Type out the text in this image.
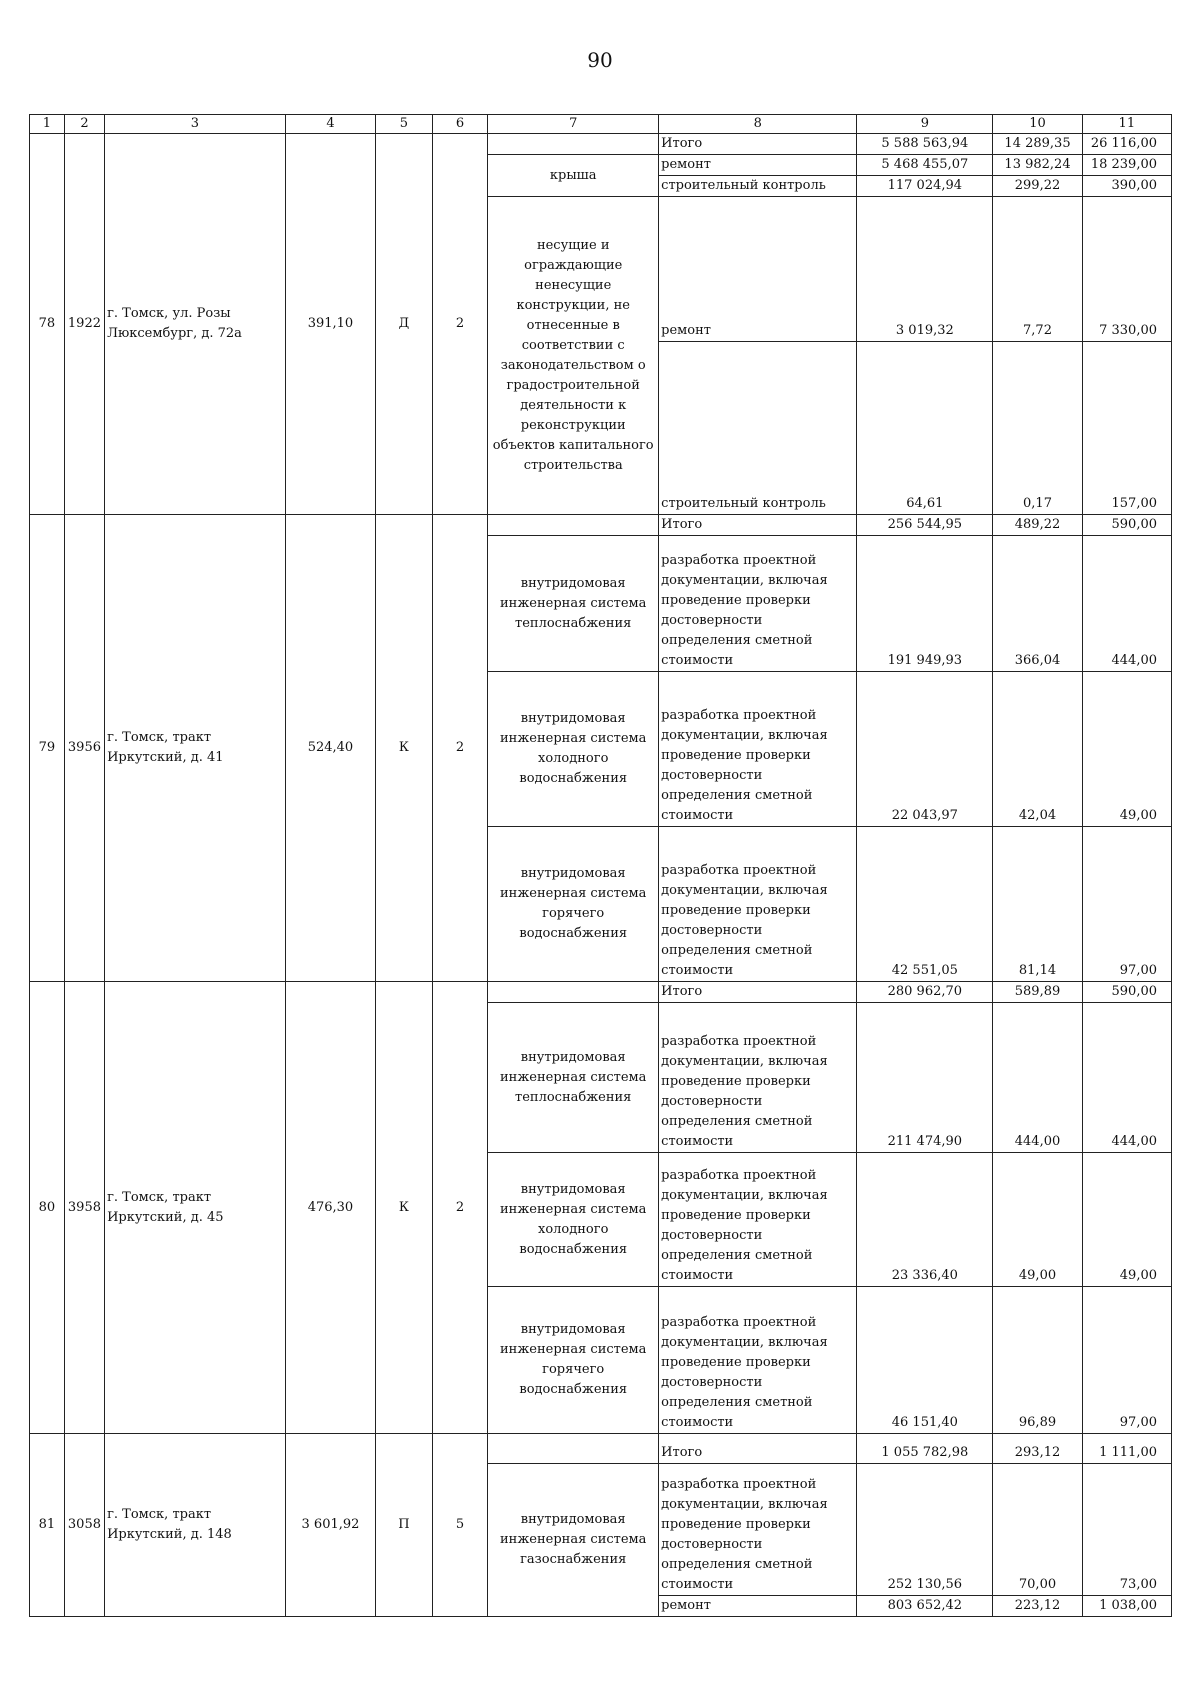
90
1	2	3	4	5	6	7	8	9	10	11
78	1922	г. Томск, ул. Розы Люксембург, д. 72а	391,10	Д	2		Итого	5 588 563,94	14 289,35	26 116,00
						крыша	ремонт	5 468 455,07	13 982,24	18 239,00
							строительный контроль	117 024,94	299,22	390,00
						несущие и ограждающие ненесущие конструкции, не отнесенные в соответствии с законодательством о градостроительной деятельности к реконструкции объектов капитального строительства	ремонт	3 019,32	7,72	7 330,00
							строительный контроль	64,61	0,17	157,00
79	3956	г. Томск, тракт Иркутский, д. 41	524,40	К	2		Итого	256 544,95	489,22	590,00
						внутридомовая инженерная система теплоснабжения	разработка проектной документации, включая проведение проверки достоверности определения сметной стоимости	191 949,93	366,04	444,00
						внутридомовая инженерная система холодного водоснабжения	разработка проектной документации, включая проведение проверки достоверности определения сметной стоимости	22 043,97	42,04	49,00
						внутридомовая инженерная система горячего водоснабжения	разработка проектной документации, включая проведение проверки достоверности определения сметной стоимости	42 551,05	81,14	97,00
80	3958	г. Томск, тракт Иркутский, д. 45	476,30	К	2		Итого	280 962,70	589,89	590,00
						внутридомовая инженерная система теплоснабжения	разработка проектной документации, включая проведение проверки достоверности определения сметной стоимости	211 474,90	444,00	444,00
						внутридомовая инженерная система холодного водоснабжения	разработка проектной документации, включая проведение проверки достоверности определения сметной стоимости	23 336,40	49,00	49,00
						внутридомовая инженерная система горячего водоснабжения	разработка проектной документации, включая проведение проверки достоверности определения сметной стоимости	46 151,40	96,89	97,00
81	3058	г. Томск, тракт Иркутский, д. 148	3 601,92	П	5		Итого	1 055 782,98	293,12	1 111,00
						внутридомовая инженерная система газоснабжения	разработка проектной документации, включая проведение проверки достоверности определения сметной стоимости	252 130,56	70,00	73,00
							ремонт	803 652,42	223,12	1 038,00
